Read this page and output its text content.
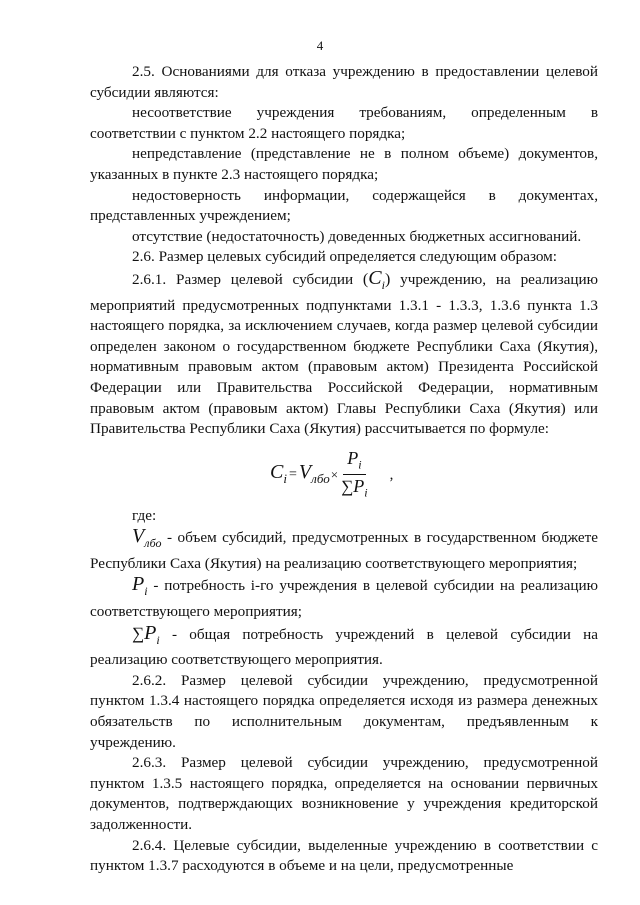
4

2.5. Основаниями для отказа учреждению в предоставлении целевой субсидии являются:

несоответствие учреждения требованиям, определенным в соответствии с пунктом 2.2 настоящего порядка;

непредставление (представление не в полном объеме) документов, указанных в пункте 2.3 настоящего порядка;

недостоверность информации, содержащейся в документах, представленных учреждением;

отсутствие (недостаточность) доведенных бюджетных ассигнований.

2.6. Размер целевых субсидий определяется следующим образом:

2.6.1. Размер целевой субсидии $(C_i)$ учреждению, на реализацию мероприятий предусмотренных подпунктами 1.3.1 - 1.3.3, 1.3.6 пункта 1.3 настоящего порядка, за исключением случаев, когда размер целевой субсидии определен законом о государственном бюджете Республики Саха (Якутия), нормативным правовым актом (правовым актом) Президента Российской Федерации или Правительства Российской Федерации, нормативным правовым актом (правовым актом) Главы Республики Саха (Якутия) или Правительства Республики Саха (Якутия) рассчитывается по формуле:

$C_i = V_{лбо} \times \frac{P_i}{\sum P_i}$ ,

где:

$V_{лбо}$ - объем субсидий, предусмотренных в государственном бюджете Республики Саха (Якутия) на реализацию соответствующего мероприятия;

$P_i$ - потребность i-го учреждения в целевой субсидии на реализацию соответствующего мероприятия;

$\sum P_i$ - общая потребность учреждений в целевой субсидии на реализацию соответствующего мероприятия.

2.6.2. Размер целевой субсидии учреждению, предусмотренной пунктом 1.3.4 настоящего порядка определяется исходя из размера денежных обязательств по исполнительным документам, предъявленным к учреждению.

2.6.3. Размер целевой субсидии учреждению, предусмотренной пунктом 1.3.5 настоящего порядка, определяется на основании первичных документов, подтверждающих возникновение у учреждения кредиторской задолженности.

2.6.4. Целевые субсидии, выделенные учреждению в соответствии с пунктом 1.3.7 расходуются в объеме и на цели, предусмотренные
